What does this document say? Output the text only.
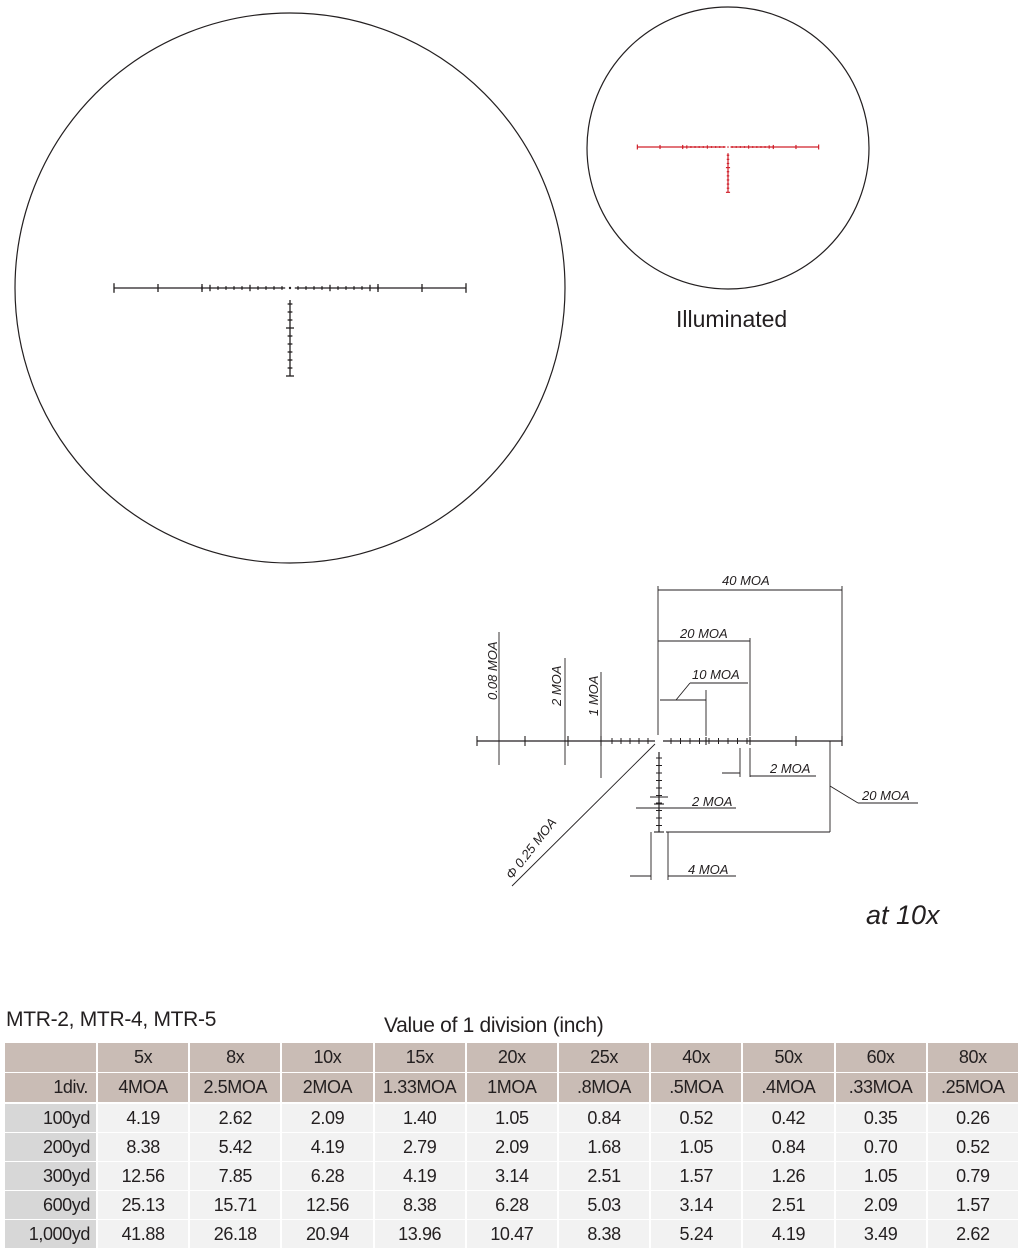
40 MOA
20 MOA
10 MOA
0.08 MOA	2 MOA 1 MOA
2 MOA
20 MOA
2 MOA
Φ 0.25 MOA	4 MOA
Illuminated
at 10x
MTR-2, MTR-4, MTR-5	Value of 1 division (inch)
	5x	8x	10x	15x	20x	25x	40x	50x	60x	80x
1div.	4MOA	2.5MOA	2MOA	1.33MOA	1MOA	.8MOA	.5MOA	.4MOA	.33MOA	.25MOA
100yd	4.19	2.62	2.09	1.40	1.05	0.84	0.52	0.42	0.35	0.26
200yd	8.38	5.42	4.19	2.79	2.09	1.68	1.05	0.84	0.70	0.52
300yd	12.56	7.85	6.28	4.19	3.14	2.51	1.57	1.26	1.05	0.79
600yd	25.13	15.71	12.56	8.38	6.28	5.03	3.14	2.51	2.09	1.57
1,000yd	41.88	26.18	20.94	13.96	10.47	8.38	5.24	4.19	3.49	2.62
